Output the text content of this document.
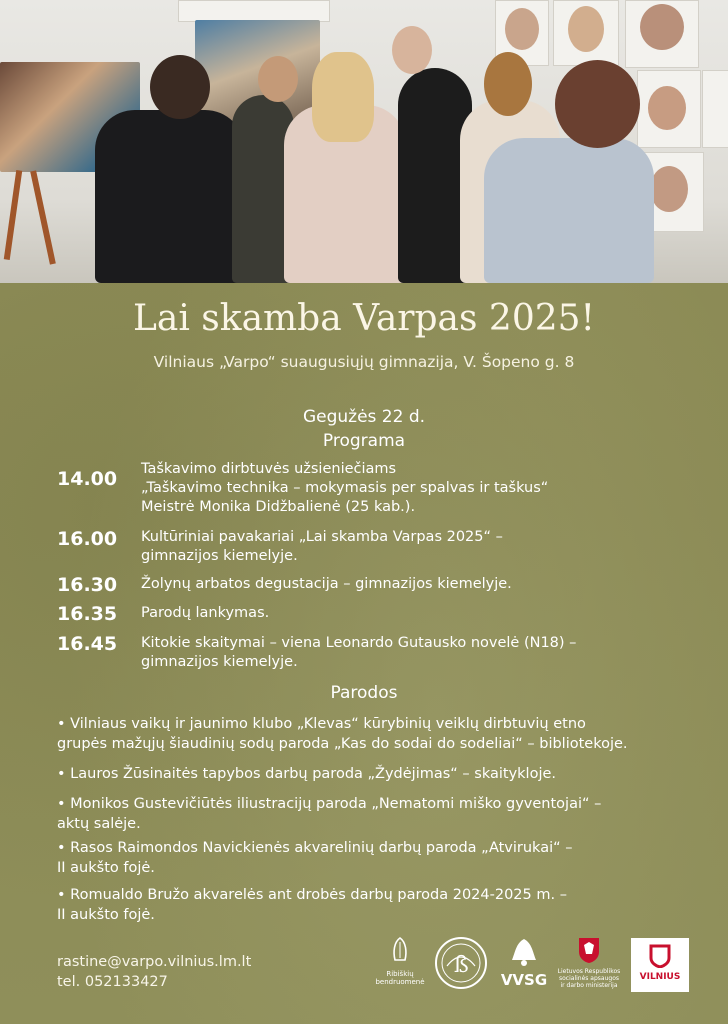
Lai skamba Varpas 2025!
Vilniaus „Varpo“ suaugusiųjų gimnazija, V. Šopeno g. 8
Gegužės 22 d.
Programa
14.00 Taškavimo dirbtuvės užsieniečiams
„Taškavimo technika – mokymasis per spalvas ir taškus“
Meistrė Monika Didžbalienė (25 kab.).
16.00 Kultūriniai pavakariai „Lai skamba Varpas 2025“ –
gimnazijos kiemelyje.
16.30 Žolynų arbatos degustacija – gimnazijos kiemelyje.
16.35 Parodų lankymas.
16.45 Kitokie skaitymai – viena Leonardo Gutausko novelė (N18) –
gimnazijos kiemelyje.
Parodos
• Vilniaus vaikų ir jaunimo klubo „Klevas“ kūrybinių veiklų dirbtuvių etno
grupės mažųjų šiaudinių sodų paroda „Kas do sodai do sodeliai“ – bibliotekoje.
• Lauros Žūsinaitės tapybos darbų paroda „Žydėjimas“ – skaitykloje.
• Monikos Gustevičiūtės iliustracijų paroda „Nematomi miško gyventojai“ –
aktų salėje.
• Rasos Raimondos Navickienės akvarelinių darbų paroda „Atvirukai“ –
II aukšto fojė.
• Romualdo Bružo akvarelės ant drobės darbų paroda 2024-2025 m. –
II aukšto fojė.
rastine@varpo.vilnius.lm.lt
tel. 052133427	Ribiškių
bendruomenė
ß
VVSG	Lietuvos Respublikos
socialinės apsaugos
ir darbo ministerija
VILNIUS
